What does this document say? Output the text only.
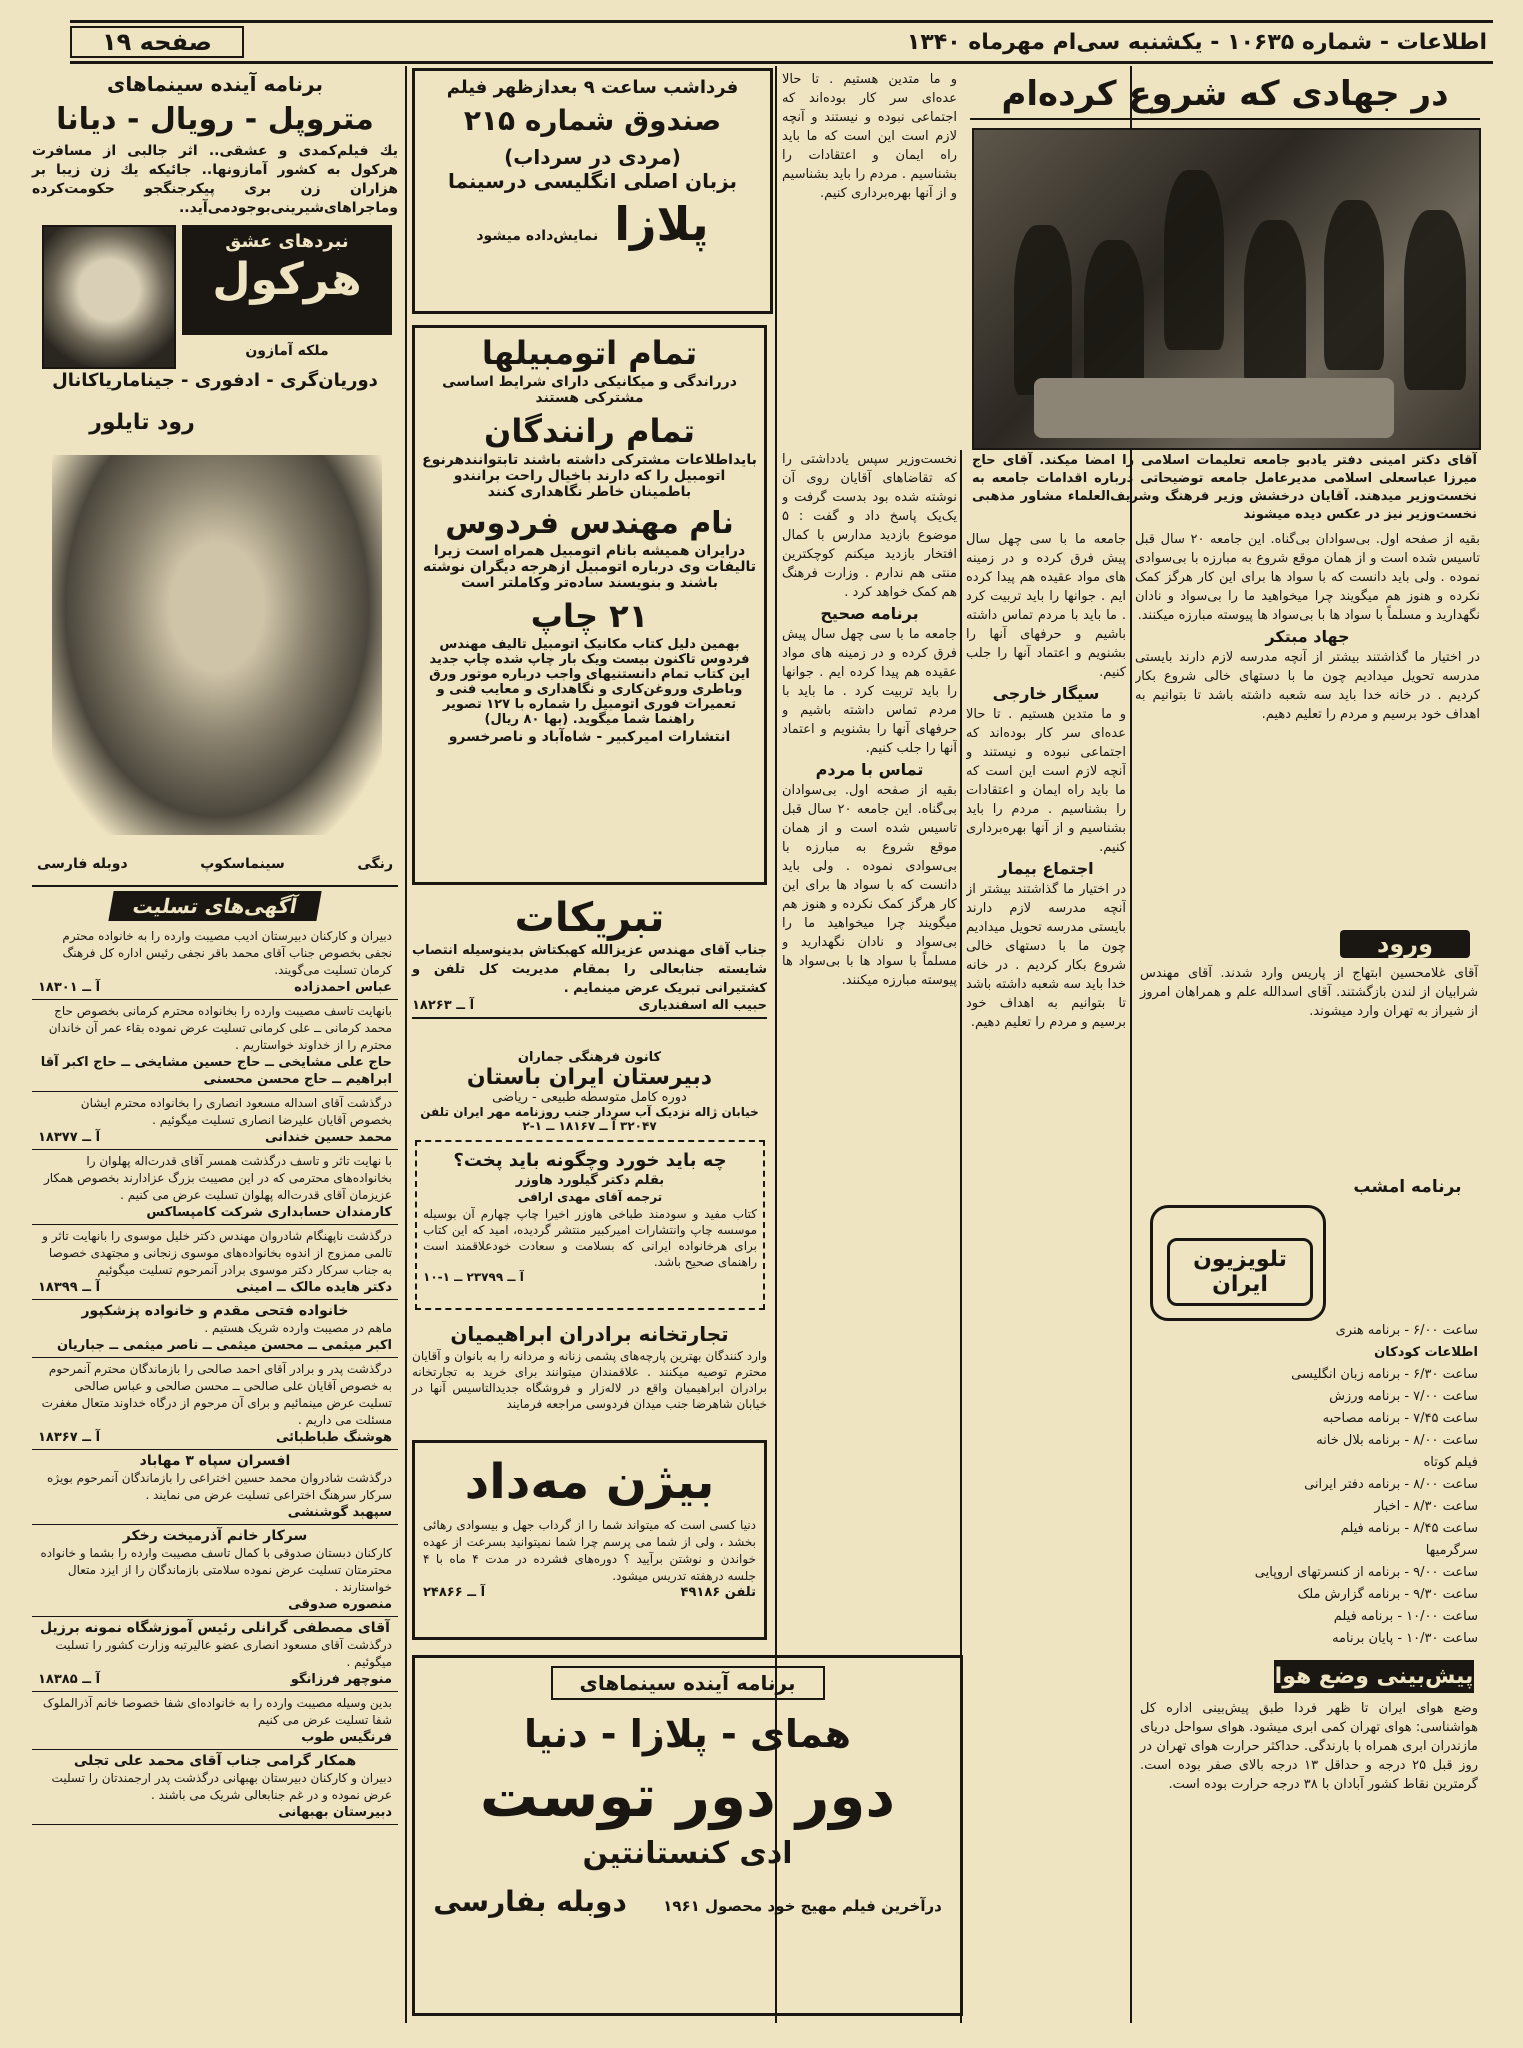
اطلاعات - شماره ۱۰۶۳۵ - یکشنبه سی‌ام مهرماه ۱۳۴۰
صفحه ۱۹
در جهادی که شروع کرده‌ام
آقای دکتر امینی دفتر یادبو جامعه تعلیمات اسلامی را امضا میکند. آقای حاج میرزا عباسعلی اسلامی مدیرعامل جامعه توضیحاتی درباره اقدامات جامعه به نخست‌وزیر میدهند. آقایان درخشش وزیر فرهنگ وشریف‌العلماء مشاور مذهبی نخست‌وزیر نیز در عکس دیده میشوند
بقیه از صفحه اول. بی‌سوادان بی‌گناه. این جامعه ۲۰ سال قبل تاسیس شده است و از همان موقع شروع به مبارزه با بی‌سوادی نموده . ولی باید دانست که با سواد ها برای این کار هرگز کمک نکرده و هنوز هم میگویند چرا میخواهید ما را بی‌سواد و نادان نگهدارید و مسلماً با سواد ها با بی‌سواد ها پیوسته مبارزه میکنند.
جهاد مبتکر
در اختیار ما گذاشتند بیشتر از آنچه مدرسه لازم دارند بایستی مدرسه تحویل میدادیم چون ما با دستهای خالی شروع بکار کردیم . در خانه خدا باید سه شعبه داشته باشد تا بتوانیم به اهداف خود برسیم و مردم را تعلیم دهیم.
ورود
آقای غلامحسین ابتهاج از پاریس وارد شدند. آقای مهندس شرابیان از لندن بازگشتند. آقای اسدالله علم و همراهان امروز از شیراز به تهران وارد میشوند.
تلویزیون ایران
برنامه امشب
ساعت ۶/۰۰ - برنامه هنری
اطلاعات کودکان
ساعت ۶/۳۰ - برنامه زبان انگلیسی
ساعت ۷/۰۰ - برنامه ورزش
ساعت ۷/۴۵ - برنامه مصاحبه
ساعت ۸/۰۰ - برنامه بلال خانه
فیلم کوتاه
ساعت ۸/۰۰ - برنامه دفتر ایرانی
ساعت ۸/۳۰ - اخبار
ساعت ۸/۴۵ - برنامه فیلم
سرگرمیها
ساعت ۹/۰۰ - برنامه از کنسرتهای اروپایی
ساعت ۹/۳۰ - برنامه گزارش ملک
ساعت ۱۰/۰۰ - برنامه فیلم
ساعت ۱۰/۳۰ - پایان برنامه
پیش‌بینی وضع هوا
وضع هوای ایران تا ظهر فردا طبق پیش‌بینی اداره کل هواشناسی: هوای تهران کمی ابری میشود. هوای سواحل دریای مازندران ابری همراه با بارندگی. حداکثر حرارت هوای تهران در روز قبل ۲۵ درجه و حداقل ۱۳ درجه بالای صفر بوده است. گرمترین نقاط کشور آبادان با ۳۸ درجه حرارت بوده است.
جامعه ما با سی چهل سال پیش فرق کرده و در زمینه های مواد عقیده هم پیدا کرده ایم . جوانها را باید تربیت کرد . ما باید با مردم تماس داشته باشیم و حرفهای آنها را بشنویم و اعتماد آنها را جلب کنیم.
سیگار خارجی
و ما متدین هستیم . تا حالا عده‌ای سر کار بوده‌اند که اجتماعی نبوده و نیستند و آنچه لازم است این است که ما باید راه ایمان و اعتقادات را بشناسیم . مردم را باید بشناسیم و از آنها بهره‌برداری کنیم.
اجتماع بیمار
در اختیار ما گذاشتند بیشتر از آنچه مدرسه لازم دارند بایستی مدرسه تحویل میدادیم چون ما با دستهای خالی شروع بکار کردیم . در خانه خدا باید سه شعبه داشته باشد تا بتوانیم به اهداف خود برسیم و مردم را تعلیم دهیم.
نخست‌وزیر سپس یادداشتی را که تقاضاهای آقایان روی آن نوشته شده بود بدست گرفت و یک‌یک پاسخ داد و گفت : ۵ موضوع بازدید مدارس با کمال افتخار بازدید میکنم کوچکترین منتی هم ندارم . وزارت فرهنگ هم کمک خواهد کرد .
برنامه صحیح
جامعه ما با سی چهل سال پیش فرق کرده و در زمینه های مواد عقیده هم پیدا کرده ایم . جوانها را باید تربیت کرد . ما باید با مردم تماس داشته باشیم و حرفهای آنها را بشنویم و اعتماد آنها را جلب کنیم.
تماس با مردم
بقیه از صفحه اول. بی‌سوادان بی‌گناه. این جامعه ۲۰ سال قبل تاسیس شده است و از همان موقع شروع به مبارزه با بی‌سوادی نموده . ولی باید دانست که با سواد ها برای این کار هرگز کمک نکرده و هنوز هم میگویند چرا میخواهید ما را بی‌سواد و نادان نگهدارید و مسلماً با سواد ها با بی‌سواد ها پیوسته مبارزه میکنند.
و ما متدین هستیم . تا حالا عده‌ای سر کار بوده‌اند که اجتماعی نبوده و نیستند و آنچه لازم است این است که ما باید راه ایمان و اعتقادات را بشناسیم . مردم را باید بشناسیم و از آنها بهره‌برداری کنیم.
فرداشب ساعت ۹ بعدازظهر فیلم
صندوق شماره ۲۱۵
(مردی در سرداب)
بزبان اصلی انگلیسی درسینما
پلازا
نمایش‌داده میشود
تمام اتومبیلها
درراندگی و میکانیکی دارای شرایط اساسی مشترکی هستند
تمام رانندگان
بایداطلاعات مشترکی داشته باشند تابتوانندهرنوع اتومبیل را که دارند باخیال راحت برانندو باطمینان خاطر نگاهداری کنند
نام مهندس فردوس
درایران همیشه بانام اتومبیل همراه است زیرا تالیفات وی درباره اتومبیل ازهرجه دیگران نوشته باشند و بنویسند ساده‌تر وکاملتر است
۲۱ چاپ
بهمین دلیل کتاب مکانیک اتومبیل تالیف مهندس فردوس تاکنون بیست ویک بار چاپ شده چاپ جدید این کتاب تمام دانستنیهای واجب درباره موتور ورق وباطری وروغن‌کاری و نگاهداری و معایب فنی و تعمیرات فوری اتومبیل را شماره با ۱۲۷ تصویر راهنما شما میگوید. (بها ۸۰ ریال)
انتشارات امیرکبیر - شاه‌آباد و ناصرخسرو
تبریکات
جناب آقای مهندس عزیزالله کهبکتاش بدینوسیله انتصاب شایسته جنابعالی را بمقام مدیریت کل تلفن و کشتیرانی تبریک عرض مینمایم .
حبیب اله اسفندیاری
آ ــ ۱۸۲۶۳
کانون فرهنگی جماران
دبیرستان ایران باستان
دوره کامل متوسطه طبیعی - ریاضی
خیابان ژاله نزدیک آب سردار جنب روزنامه مهر ایران تلفن ۳۲۰۴۷ آ ــ ۱۸۱۶۷ ــ ۱-۲
چه باید خورد وچگونه باید پخت؟
بقلم دکتر گیلورد هاوزر
ترجمه آقای مهدی ارافی
کتاب مفید و سودمند طباخی هاوزر اخیرا چاپ چهارم آن بوسیله موسسه چاپ وانتشارات امیرکبیر منتشر گردیده، امید که این کتاب برای هرخانواده ایرانی که بسلامت و سعادت خودعلاقمند است راهنمای صحیح باشد.
آ ــ ۲۳۷۹۹ ــ ۱-۱۰
تجارتخانه برادران ابراهیمیان
وارد کنندگان بهترین پارچه‌های پشمی زنانه و مردانه را به بانوان و آقایان محترم توصیه میکنند . علاقمندان میتوانند برای خرید به تجارتخانه برادران ابراهیمیان واقع در لاله‌زار و فروشگاه جدیدالتاسیس آنها در خیابان شاهرضا جنب میدان فردوسی مراجعه فرمایند
بیژن مه‌داد
دنیا کسی است که میتواند شما را از گرداب جهل و بیسوادی رهائی بخشد ، ولی از شما می پرسم چرا شما نمیتوانید بسرعت از عهده خواندن و نوشتن برآیید ؟ دوره‌های فشرده در مدت ۴ ماه با ۴ جلسه درهفته تدریس میشود.
تلفن ۴۹۱۸۶
آ ــ ۲۴۸۶۶
برنامه آینده سینماهای
همای - پلازا - دنیا
دور دور توست
ادی کنستانتین
درآخرین فیلم مهیج خود محصول ۱۹۶۱
دوبله بفارسی
برنامه آینده سینماهای
متروپل - رویال - دیانا
یك فیلم‌کمدی و عشقی.. اثر جالبی از مسافرت هرکول به کشور آمازونها.. جائیکه یك زن زیبا بر هزاران زن بری پیکرجنگجو حکومت‌کرده وماجراهای‌شیرینی‌بوجودمی‌آید..
نبردهای عشق
هرکول
ملکه آمازون
دوریان‌گری - ادفوری - جینا‌ماریاکانال
رود تایلور
رنگی
سینماسکوپ
دوبله فارسی
آگهی‌های تسلیت
دبیران و کارکنان دبیرستان ادیب مصیبت وارده را به خانواده محترم نجفی بخصوص جناب آقای محمد باقر نجفی رئیس اداره کل فرهنگ کرمان تسلیت می‌گویند.
عباس احمدزاده
آ ــ ۱۸۳۰۱
بانهایت تاسف مصیبت وارده را بخانواده محترم کرمانی بخصوص حاج محمد کرمانی ــ علی کرمانی تسلیت عرض نموده بقاء عمر آن خاندان محترم را از خداوند خواستاریم .
حاج علی مشایخی ــ حاج حسین مشایخی ــ حاج اکبر آقا ابراهیم ــ حاج محسن محسنی
درگذشت آقای اسداله مسعود انصاری را بخانواده محترم ایشان بخصوص آقایان علیرضا انصاری تسلیت میگوئیم .
محمد حسین خندانی
آ ــ ۱۸۳۷۷
با نهایت تاثر و تاسف درگذشت همسر آقای قدرت‌اله پهلوان را بخانواده‌های محترمی که در این مصیبت بزرگ عزادارند بخصوص همکار عزیزمان آقای قدرت‌اله پهلوان تسلیت عرض می کنیم .
کارمندان حسابداری شرکت کامپساکس
درگذشت ناپهنگام شادروان مهندس دکتر خلیل موسوی را بانهایت تاثر و تالمی ممزوج از اندوه بخانواده‌های موسوی زنجانی و مجتهدی خصوصا به جناب سرکار دکتر موسوی برادر آنمرحوم تسلیت میگوئیم
دکتر هایده مالک ــ امینی
آ ــ ۱۸۳۹۹
خانواده فتحی مقدم و خانواده پزشکپور
ماهم در مصیبت وارده شریک هستیم .
اکبر میثمی ــ محسن میثمی ــ ناصر میثمی ــ جباریان
درگذشت پدر و برادر آقای احمد صالحی را بازماندگان محترم آنمرحوم به خصوص آقایان علی صالحی ــ محسن صالحی و عباس صالحی تسلیت عرض مینمائیم و برای آن مرحوم از درگاه خداوند متعال مغفرت مسئلت می داریم .
هوشنگ طباطبائی
آ ــ ۱۸۳۶۷
افسران سپاه ۳ مهاباد
درگذشت شادروان محمد حسین اختراعی را بازماندگان آنمرحوم بویژه سرکار سرهنگ اختراعی تسلیت عرض می نمایند .
سپهبد گوشنشی
سرکار خانم آذرمیخت رخکر
کارکنان دبستان صدوقی با کمال تاسف مصیبت وارده را بشما و خانواده محترمتان تسلیت عرض نموده سلامتی بازماندگان را از ایزد متعال خواستارند .
منصوره صدوقی
آقای مصطفی گرانلی رئیس آموزشگاه نمونه برزیل
درگذشت آقای مسعود انصاری عضو عالیرتبه وزارت کشور را تسلیت میگوئیم .
منوچهر فرزانگو
آ ــ ۱۸۳۸۵
بدین وسیله مصیبت وارده را به خانواده‌ای شفا خصوصا خانم آذرالملوک شفا تسلیت عرض می کنیم
فرنگیس طوب
همکار گرامی جناب آقای محمد علی تجلی
دبیران و کارکنان دبیرستان بهبهانی درگذشت پدر ارجمندتان را تسلیت عرض نموده و در غم جنابعالی شریک می باشند .
دبیرستان بهبهانی
